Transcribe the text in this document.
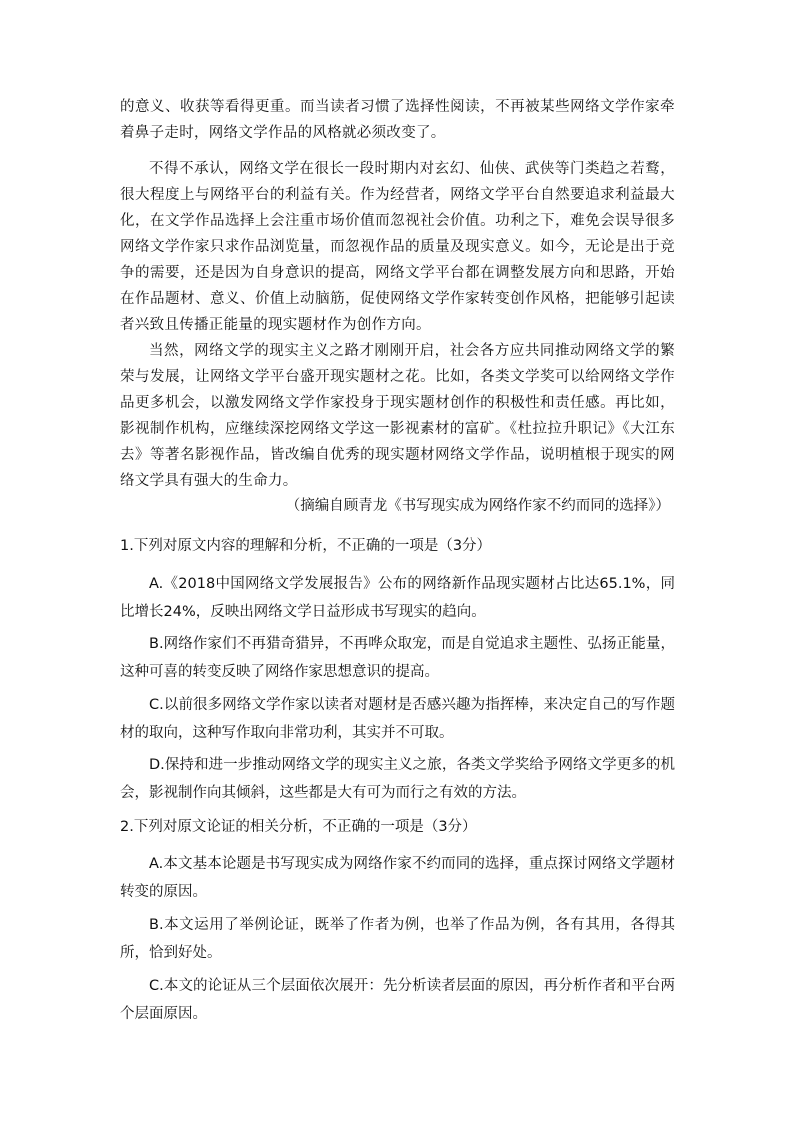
的意义、收获等看得更重。而当读者习惯了选择性阅读，不再被某些网络文学作家牵着鼻子走时，网络文学作品的风格就必须改变了。

不得不承认，网络文学在很长一段时期内对玄幻、仙侠、武侠等门类趋之若鹜，很大程度上与网络平台的利益有关。作为经营者，网络文学平台自然要追求利益最大化，在文学作品选择上会注重市场价值而忽视社会价值。功利之下，难免会误导很多网络文学作家只求作品浏览量，而忽视作品的质量及现实意义。如今，无论是出于竞争的需要，还是因为自身意识的提高，网络文学平台都在调整发展方向和思路，开始在作品题材、意义、价值上动脑筋，促使网络文学作家转变创作风格，把能够引起读者兴致且传播正能量的现实题材作为创作方向。

当然，网络文学的现实主义之路才刚刚开启，社会各方应共同推动网络文学的繁荣与发展，让网络文学平台盛开现实题材之花。比如，各类文学奖可以给网络文学作品更多机会，以激发网络文学作家投身于现实题材创作的积极性和责任感。再比如，影视制作机构，应继续深挖网络文学这一影视素材的富矿。《杜拉拉升职记》《大江东去》等著名影视作品，皆改编自优秀的现实题材网络文学作品，说明植根于现实的网络文学具有强大的生命力。

（摘编自顾青龙《书写现实成为网络作家不约而同的选择》）

1.下列对原文内容的理解和分析，不正确的一项是（3分）

A.《2018中国网络文学发展报告》公布的网络新作品现实题材占比达65.1%，同比增长24%，反映出网络文学日益形成书写现实的趋向。

B.网络作家们不再猎奇猎异，不再哗众取宠，而是自觉追求主题性、弘扬正能量，这种可喜的转变反映了网络作家思想意识的提高。

C.以前很多网络文学作家以读者对题材是否感兴趣为指挥棒，来决定自己的写作题材的取向，这种写作取向非常功利，其实并不可取。

D.保持和进一步推动网络文学的现实主义之旅，各类文学奖给予网络文学更多的机会，影视制作向其倾斜，这些都是大有可为而行之有效的方法。

2.下列对原文论证的相关分析，不正确的一项是（3分）

A.本文基本论题是书写现实成为网络作家不约而同的选择，重点探讨网络文学题材转变的原因。

B.本文运用了举例论证，既举了作者为例，也举了作品为例，各有其用，各得其所，恰到好处。

C.本文的论证从三个层面依次展开：先分析读者层面的原因，再分析作者和平台两个层面原因。
